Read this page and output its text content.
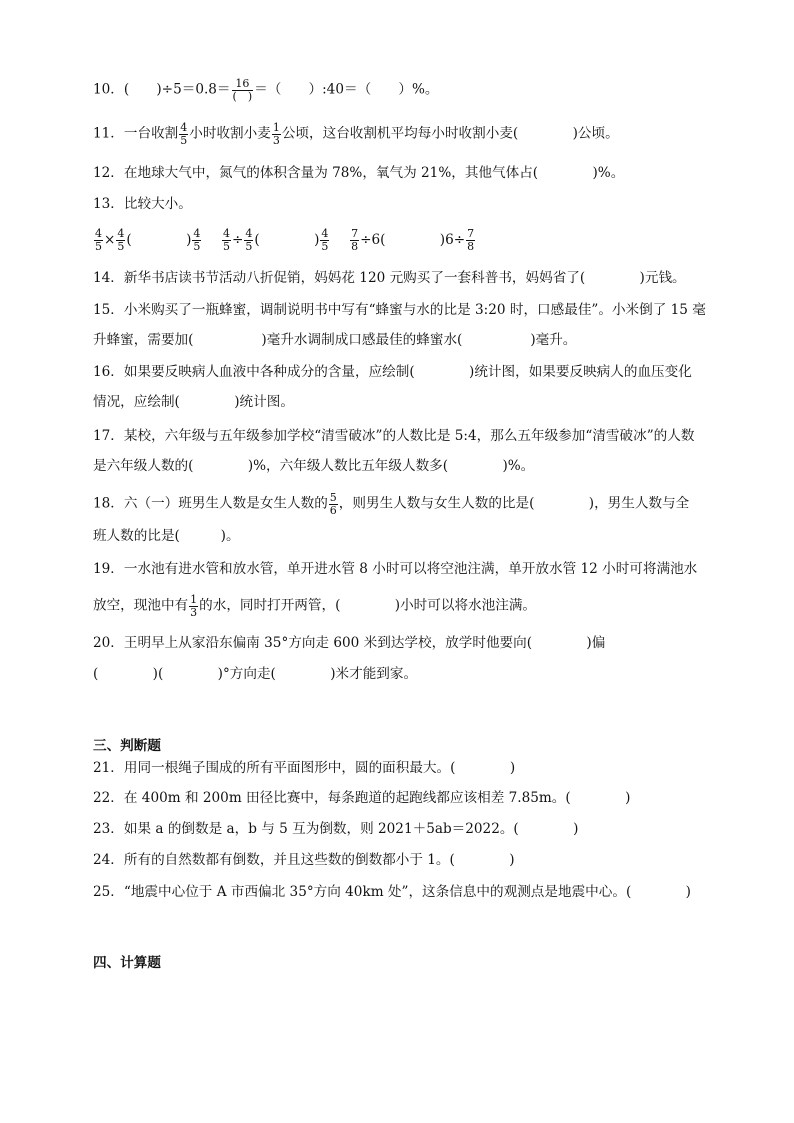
10．(　　)$\div 5=0.8= \frac{16}{( )}$ ＝（　　）:40＝（　　）%。
11．一台收割 $\frac{4}{5}$ 小时收割小麦 $\frac{1}{3}$ 公顷，这台收割机平均每小时收割小麦(　　　　)公顷。
12．在地球大气中，氮气的体积含量为 78%，氧气为 21%，其他气体占(　　　　)%。
13．比较大小。
$\frac{4}{5} \times \frac{4}{5}$ (　　　　) $\frac{4}{5}$
$\frac{4}{5} \div \frac{4}{5}$ (　　　　) $\frac{4}{5}$
$\frac{7}{8} \div 6$(　　　　)$6\div \frac{7}{8}$
14．新华书店读书节活动八折促销，妈妈花 120 元购买了一套科普书，妈妈省了(　　　　)元钱。
15．小米购买了一瓶蜂蜜，调制说明书中写有“蜂蜜与水的比是 3:20 时，口感最佳”。小米倒了 15 毫
升蜂蜜，需要加(　　　　　)毫升水调制成口感最佳的蜂蜜水(　　　　　)毫升。
16．如果要反映病人血液中各种成分的含量，应绘制(　　　　)统计图，如果要反映病人的血压变化
情况，应绘制(　　　　)统计图。
17．某校，六年级与五年级参加学校“清雪破冰”的人数比是 5:4，那么五年级参加“清雪破冰”的人数
是六年级人数的(　　　　)%，六年级人数比五年级人数多(　　　　)%。
18．六（一）班男生人数是女生人数的 $\frac{5}{6}$ ，则男生人数与女生人数的比是(　　　　)，男生人数与全
班人数的比是(　　　)。
19．一水池有进水管和放水管，单开进水管 8 小时可以将空池注满，单开放水管 12 小时可将满池水
放空，现池中有 $\frac{1}{3}$ 的水，同时打开两管，(　　　　)小时可以将水池注满。
20．王明早上从家沿东偏南 35°方向走 600 米到达学校，放学时他要向(　　　　)偏
(　　　　)(　　　　)°方向走(　　　　)米才能到家。
三、判断题
21．用同一根绳子围成的所有平面图形中，圆的面积最大。(　　　　)
22．在 400m 和 200m 田径比赛中，每条跑道的起跑线都应该相差 7.85m。(　　　　)
23．如果 a 的倒数是 a，b 与 5 互为倒数，则 2021＋5ab＝2022。(　　　　)
24．所有的自然数都有倒数，并且这些数的倒数都小于 1。(　　　　)
25．“地震中心位于 A 市西偏北 35°方向 40km 处”，这条信息中的观测点是地震中心。(　　　　)
四、计算题
